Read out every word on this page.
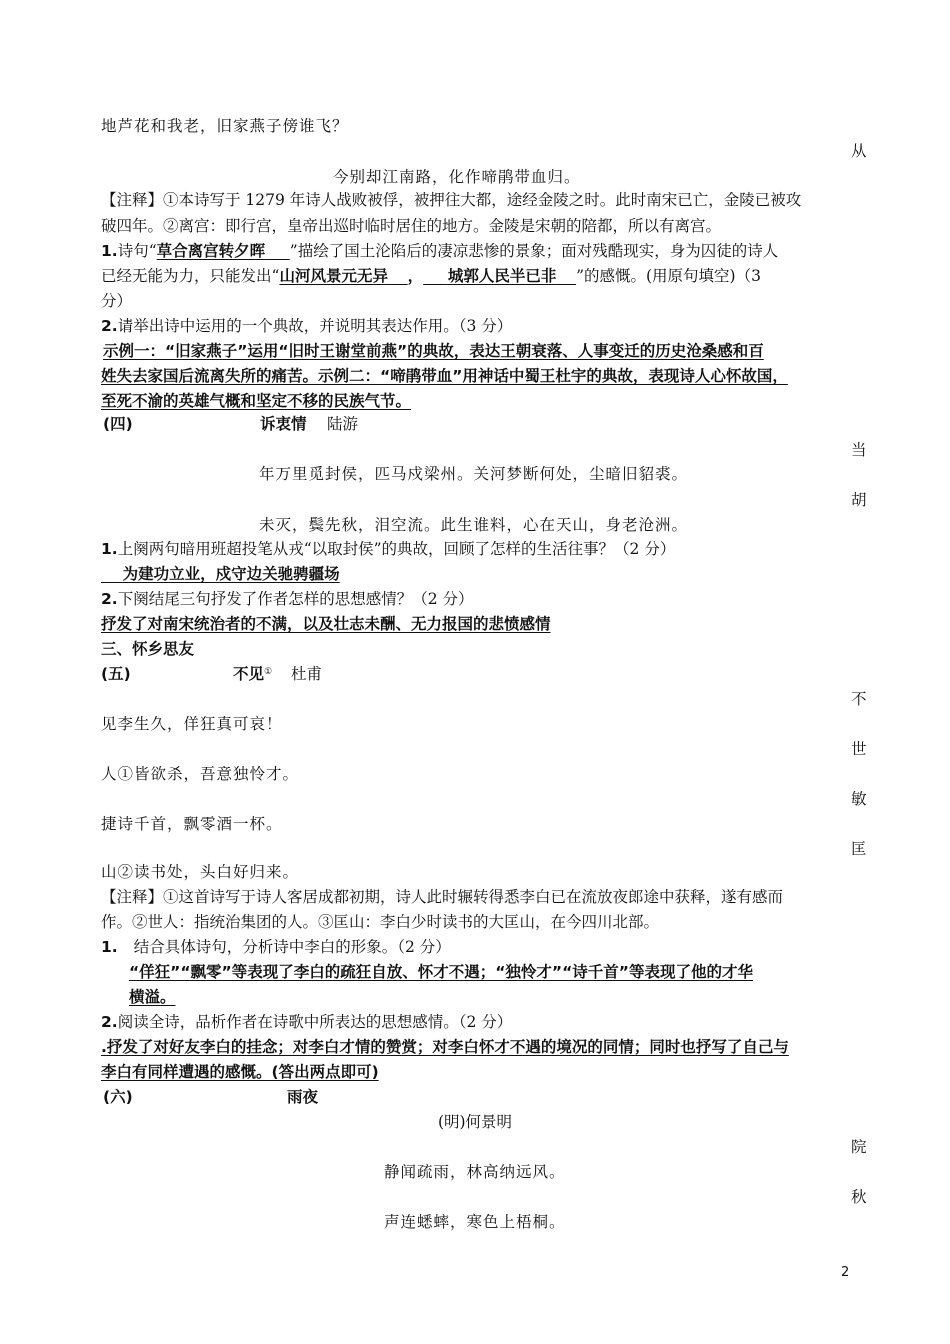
地芦花和我老，旧家燕子傍谁飞？
从
今别却江南路，化作啼鹃带血归。
【注释】①本诗写于 1279 年诗人战败被俘，被押往大都，途经金陵之时。此时南宋已亡，金陵已被攻
破四年。②离宫：即行宫，皇帝出巡时临时居住的地方。金陵是宋朝的陪都，所以有离宫。
1.诗句“草合离宫转夕晖 ”描绘了国土沦陷后的凄凉悲惨的景象；面对残酷现实，身为囚徒的诗人
已经无能为力，只能发出“山河风景元无异 ， 城郭人民半已非 ”的感慨。(用原句填空)（3
分）
2.请举出诗中运用的一个典故，并说明其表达作用。（3 分）
示例一：“旧家燕子”运用“旧时王谢堂前燕”的典故，表达王朝衰落、人事变迁的历史沧桑感和百
姓失去家国后流离失所的痛苦。示例二：“啼鹃带血”用神话中蜀王杜宇的典故，表现诗人心怀故国，
至死不渝的英雄气概和坚定不移的民族气节。
(四)	诉衷情 陆游
当
年万里觅封侯，匹马戍梁州。关河梦断何处，尘暗旧貂裘。
胡
未灭，鬓先秋，泪空流。此生谁料，心在天山，身老沧洲。
1.上阕两句暗用班超投笔从戎“以取封侯”的典故，回顾了怎样的生活往事？（2 分）
为建功立业，戍守边关驰骋疆场
2.下阕结尾三句抒发了作者怎样的思想感情？（2 分）
抒发了对南宋统治者的不满，以及壮志未酬、无力报国的悲愤感情
三、怀乡思友
(五)	不见① 杜甫
不
见李生久，佯狂真可哀！
世
人①皆欲杀，吾意独怜才。
敏
捷诗千首，飘零酒一杯。
匡
山②读书处，头白好归来。
【注释】①这首诗写于诗人客居成都初期，诗人此时辗转得悉李白已在流放夜郎途中获释，遂有感而
作。②世人：指统治集团的人。③匡山：李白少时读书的大匡山，在今四川北部。
1. 结合具体诗句，分析诗中李白的形象。（2 分）
“佯狂”“飘零”等表现了李白的疏狂自放、怀才不遇；“独怜才”“诗千首”等表现了他的才华
横溢。
2.阅读全诗，品析作者在诗歌中所表达的思想感情。（2 分）
.抒发了对好友李白的挂念；对李白才情的赞赏；对李白怀才不遇的境况的同情；同时也抒写了自己与
李白有同样遭遇的感慨。(答出两点即可)
(六)	雨夜
(明)何景明
院
静闻疏雨，林高纳远风。
秋
声连蟋蟀，寒色上梧桐。
2
